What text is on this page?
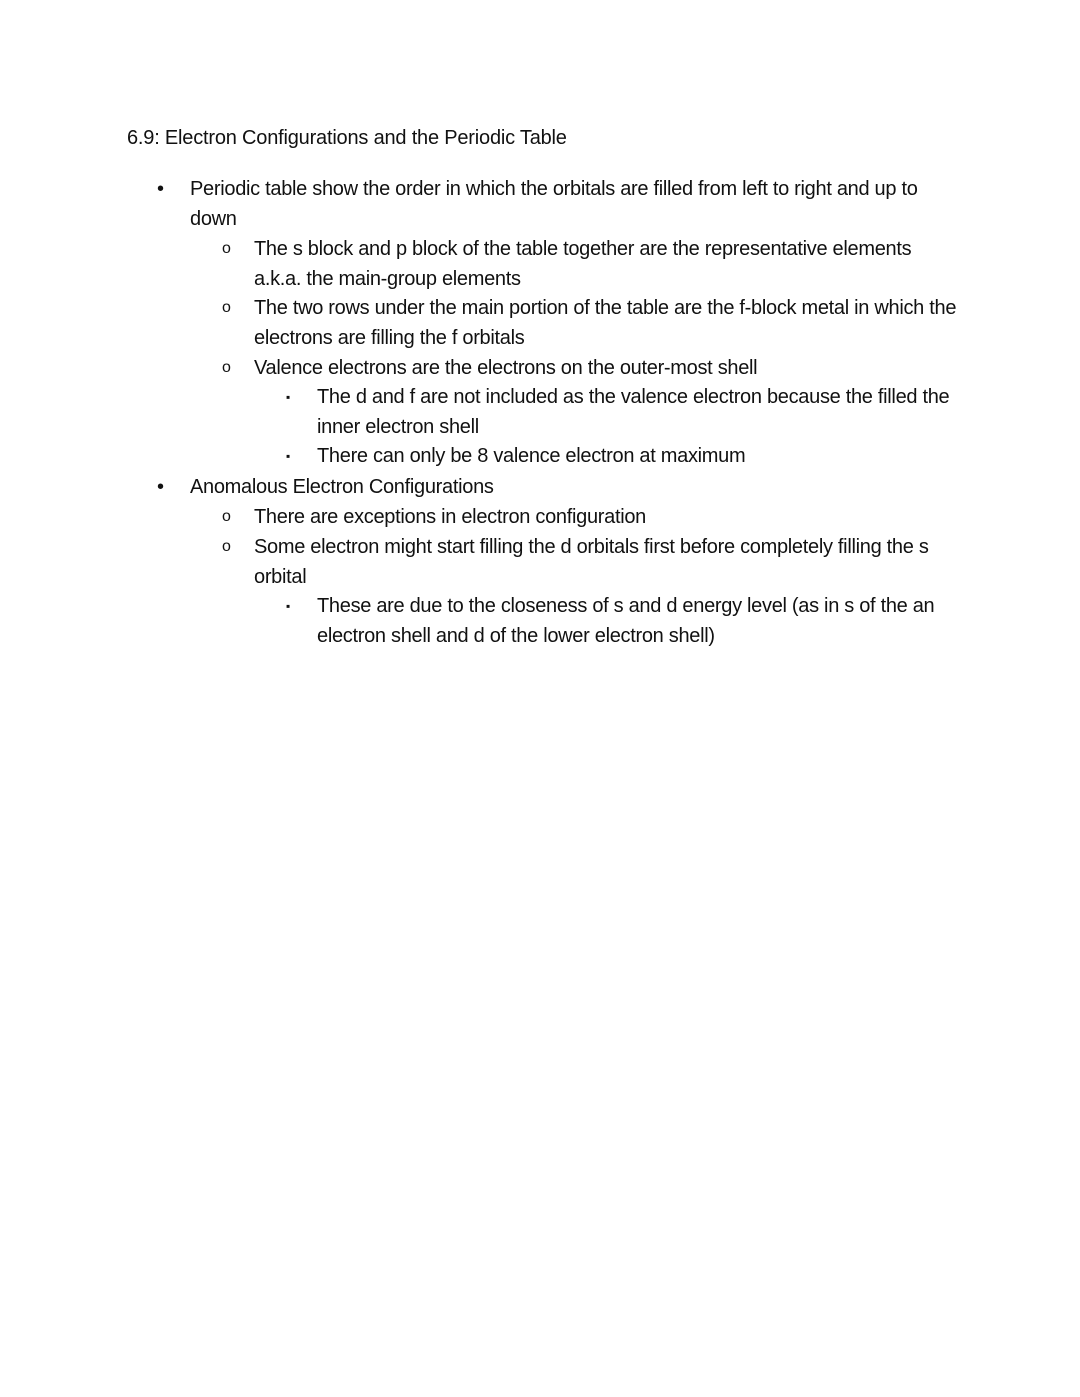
6.9: Electron Configurations and the Periodic Table
• Periodic table show the order in which the orbitals are filled from left to right and up to down
o The s block and p block of the table together are the representative elements a.k.a. the main-group elements
o The two rows under the main portion of the table are the f-block metal in which the electrons are filling the f orbitals
o Valence electrons are the electrons on the outer-most shell
▪ The d and f are not included as the valence electron because the filled the inner electron shell
▪ There can only be 8 valence electron at maximum
• Anomalous Electron Configurations
o There are exceptions in electron configuration
o Some electron might start filling the d orbitals first before completely filling the s orbital
▪ These are due to the closeness of s and d energy level (as in s of the an electron shell and d of the lower electron shell)
